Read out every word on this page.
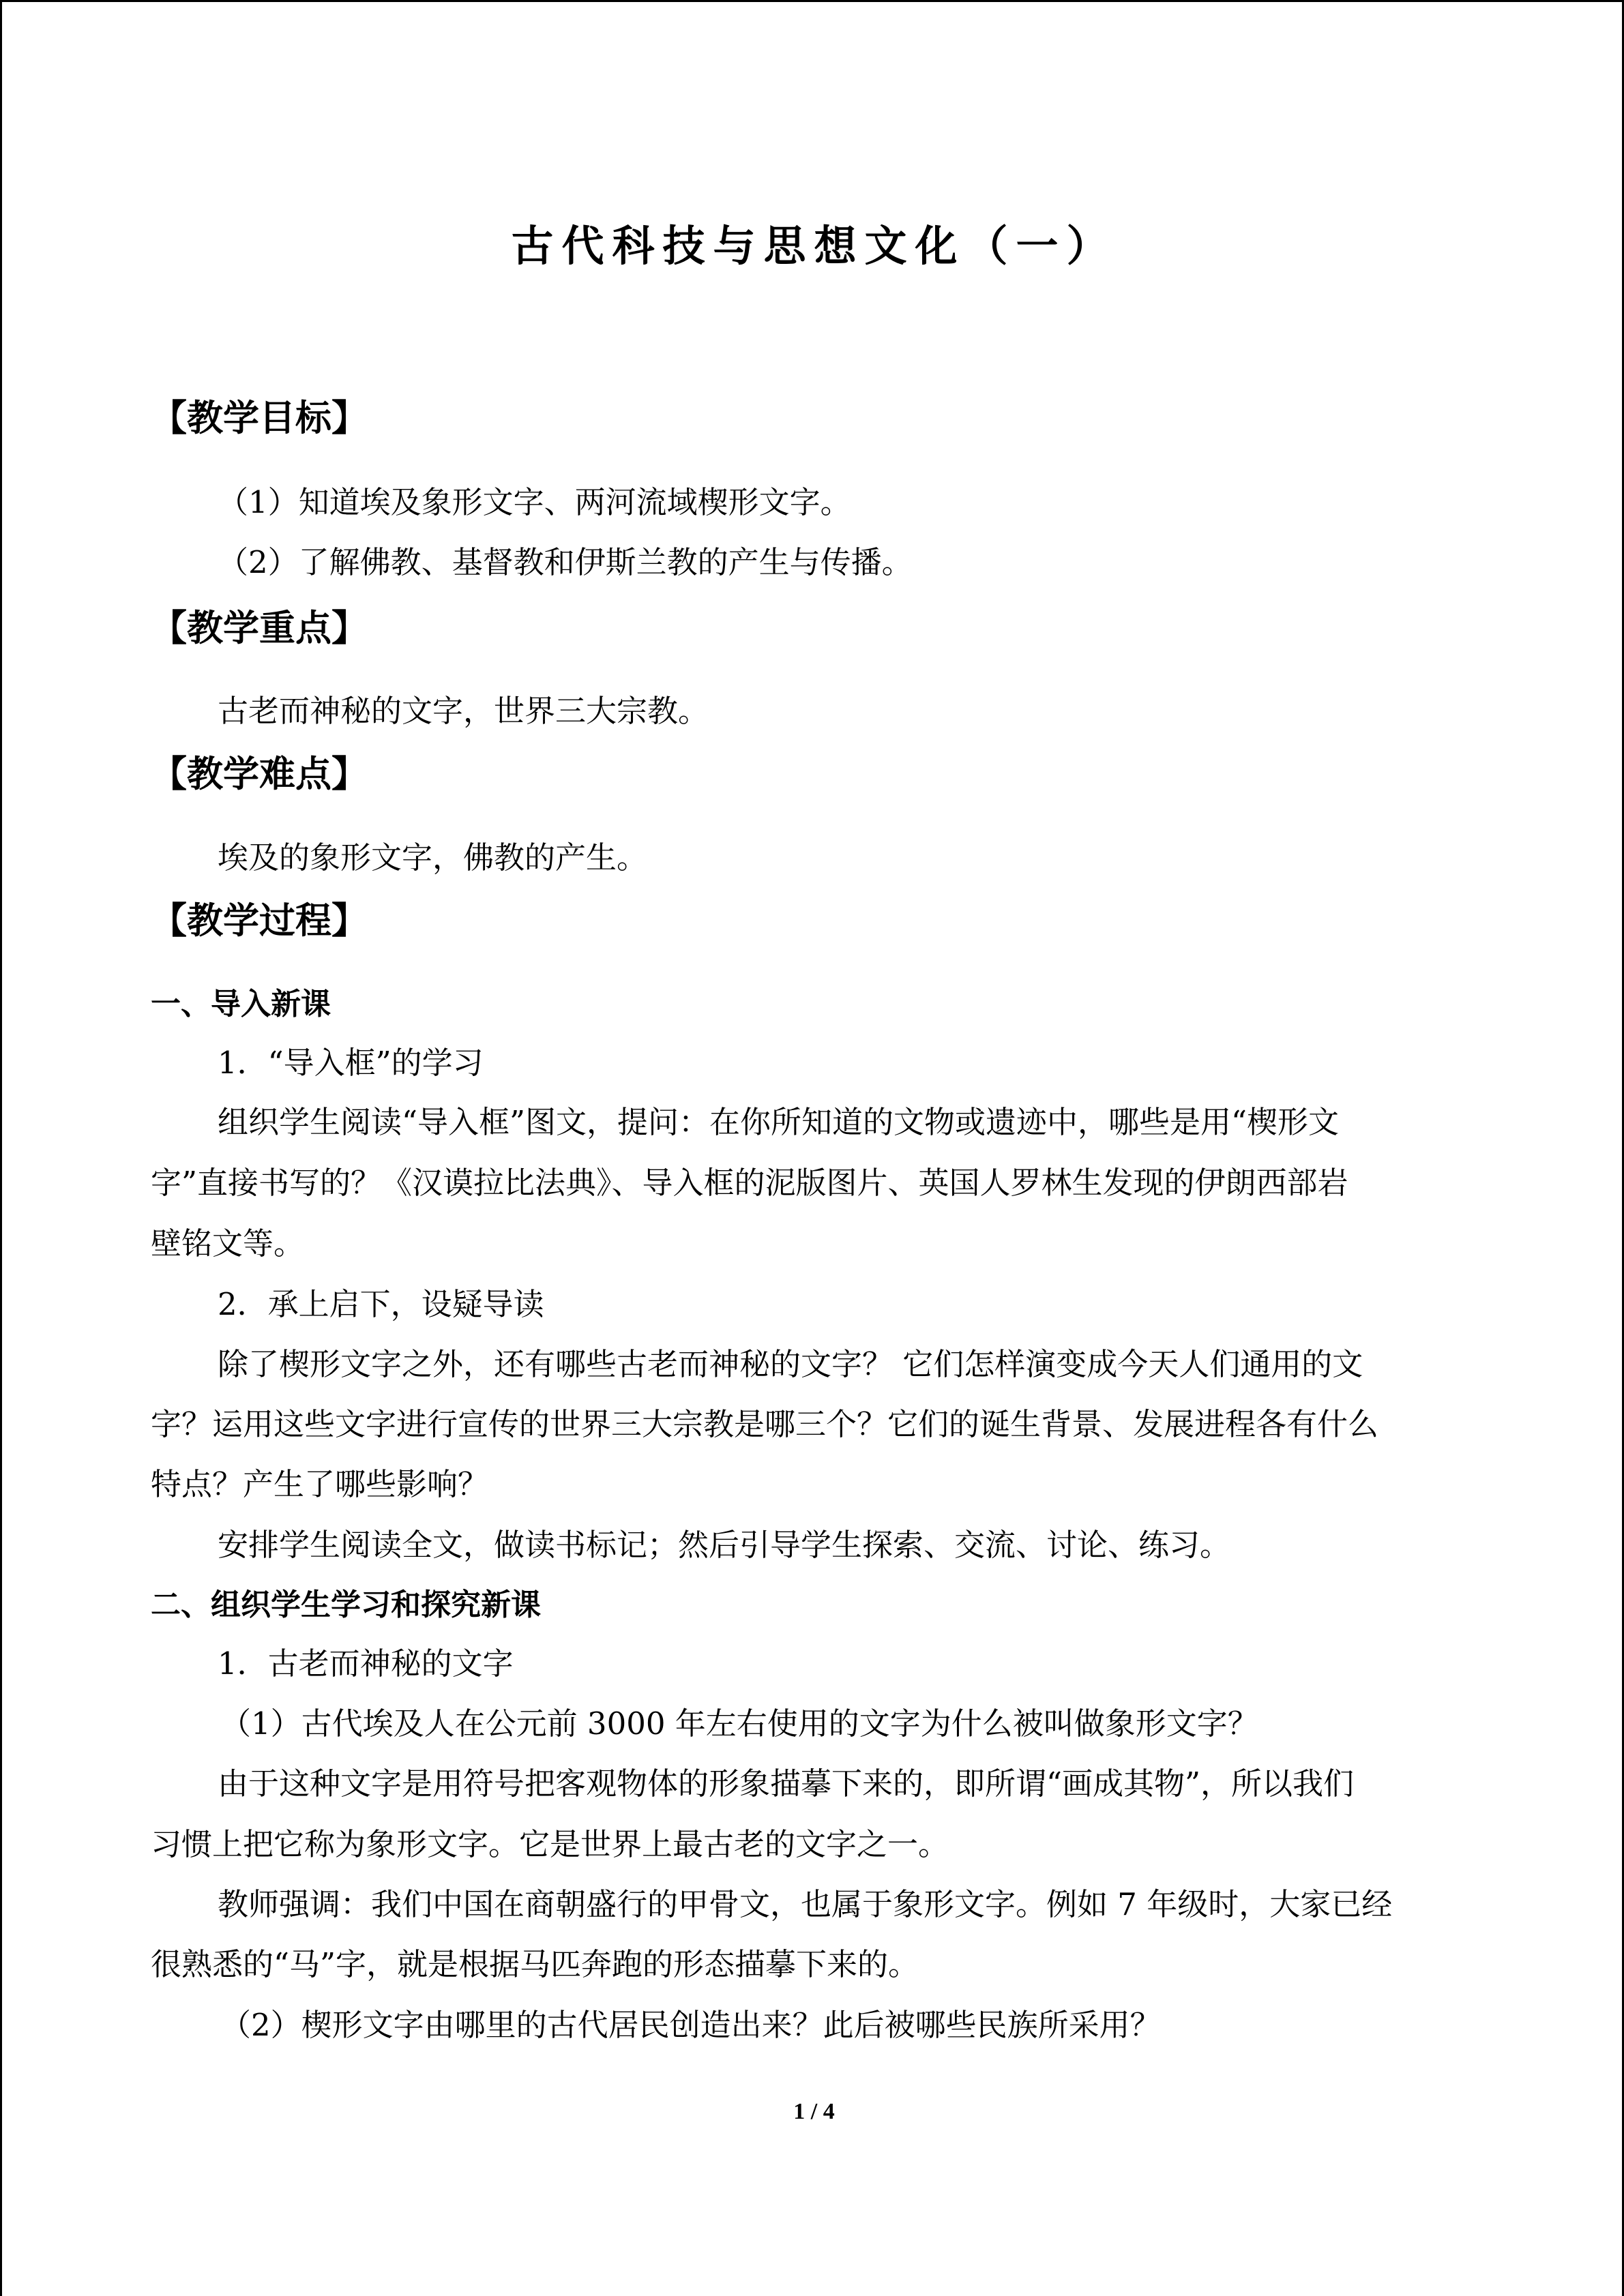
古代科技与思想文化（一）
【教学目标】
（1）知道埃及象形文字、两河流域楔形文字。
（2）了解佛教、基督教和伊斯兰教的产生与传播。
【教学重点】
古老而神秘的文字，世界三大宗教。
【教学难点】
埃及的象形文字，佛教的产生。
【教学过程】
一、导入新课
1．“导入框”的学习
组织学生阅读“导入框”图文，提问：在你所知道的文物或遗迹中，哪些是用“楔形文
字”直接书写的？《汉谟拉比法典》、导入框的泥版图片、英国人罗林生发现的伊朗西部岩
壁铭文等。
2．承上启下，设疑导读
除了楔形文字之外，还有哪些古老而神秘的文字？ 它们怎样演变成今天人们通用的文
字？运用这些文字进行宣传的世界三大宗教是哪三个？它们的诞生背景、发展进程各有什么
特点？产生了哪些影响？
安排学生阅读全文，做读书标记；然后引导学生探索、交流、讨论、练习。
二、组织学生学习和探究新课
1．古老而神秘的文字
（1）古代埃及人在公元前 3000 年左右使用的文字为什么被叫做象形文字？
由于这种文字是用符号把客观物体的形象描摹下来的，即所谓“画成其物”，所以我们
习惯上把它称为象形文字。它是世界上最古老的文字之一。
教师强调：我们中国在商朝盛行的甲骨文，也属于象形文字。例如 7 年级时，大家已经
很熟悉的“马”字，就是根据马匹奔跑的形态描摹下来的。
（2）楔形文字由哪里的古代居民创造出来？此后被哪些民族所采用？
1 / 4
